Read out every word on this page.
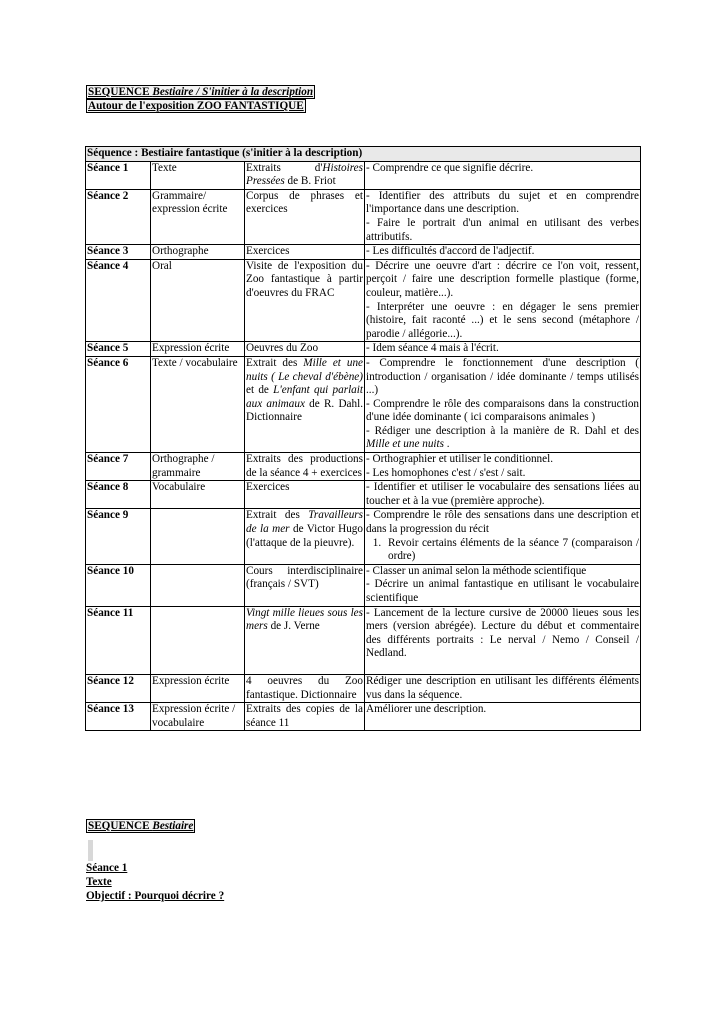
SEQUENCE Bestiaire / S'initier à la description
Autour de l'exposition ZOO FANTASTIQUE
Séquence : Bestiaire fantastique (s'initier à la description)			
Séance 1	Texte	Extraits d'Histoires Pressées de B. Friot	- Comprendre ce que signifie décrire.
Séance 2	Grammaire/ expression écrite	Corpus de phrases et exercices	- Identifier des attributs du sujet et en comprendre l'importance dans une description.
- Faire le portrait d'un animal en utilisant des verbes attributifs.

Séance 3	Orthographe	Exercices	- Les difficultés d'accord de l'adjectif.
Séance 4	Oral	Visite de l'exposition du Zoo fantastique à partir d'oeuvres du FRAC	- Décrire une oeuvre d'art : décrire ce l'on voit, ressent, perçoit / faire une description formelle plastique (forme, couleur, matière...).
- Interpréter une oeuvre : en dégager le sens premier (histoire, fait raconté ...) et le sens second (métaphore / parodie / allégorie...).

Séance 5	Expression écrite	Oeuvres du Zoo	- Idem séance 4 mais à l'écrit.
Séance 6	Texte / vocabulaire	Extrait des Mille et une nuits ( Le cheval d'ébène) et de L'enfant qui parlait aux animaux de R. Dahl. Dictionnaire	- Comprendre le fonctionnement d'une description ( introduction / organisation / idée dominante / temps utilisés ...)
- Comprendre le rôle des comparaisons dans la construction d'une idée dominante ( ici comparaisons animales )
- Rédiger une description à la manière de R. Dahl et des Mille et une nuits .

Séance 7	Orthographe / grammaire	Extraits des productions de la séance 4 + exercices	- Orthographier et utiliser le conditionnel.
- Les homophones c'est / s'est / sait.

Séance 8	Vocabulaire	Exercices	- Identifier et utiliser le vocabulaire des sensations liées au toucher et à la vue (première approche).
Séance 9		Extrait des Travailleurs de la mer de Victor Hugo (l'attaque de la pieuvre).	- Comprendre le rôle des sensations dans une description et dans la progression du récit
1. Revoir certains éléments de la séance 7 (comparaison / ordre)

Séance 10		Cours interdisciplinaire (français / SVT)	- Classer un animal selon la méthode scientifique
- Décrire un animal fantastique en utilisant le vocabulaire scientifique

Séance 11		Vingt mille lieues sous les mers de J. Verne	- Lancement de la lecture cursive de 20000 lieues sous les mers (version abrégée). Lecture du début et commentaire des différents portraits : Le nerval / Nemo / Conseil / Nedland.

Séance 12	Expression écrite	4 oeuvres du Zoo fantastique. Dictionnaire	Rédiger une description en utilisant les différents éléments vus dans la séquence.
Séance 13	Expression écrite / vocabulaire	Extraits des copies de la séance 11	Améliorer une description.
SEQUENCE Bestiaire
Séance 1
Texte
Objectif : Pourquoi décrire ?
